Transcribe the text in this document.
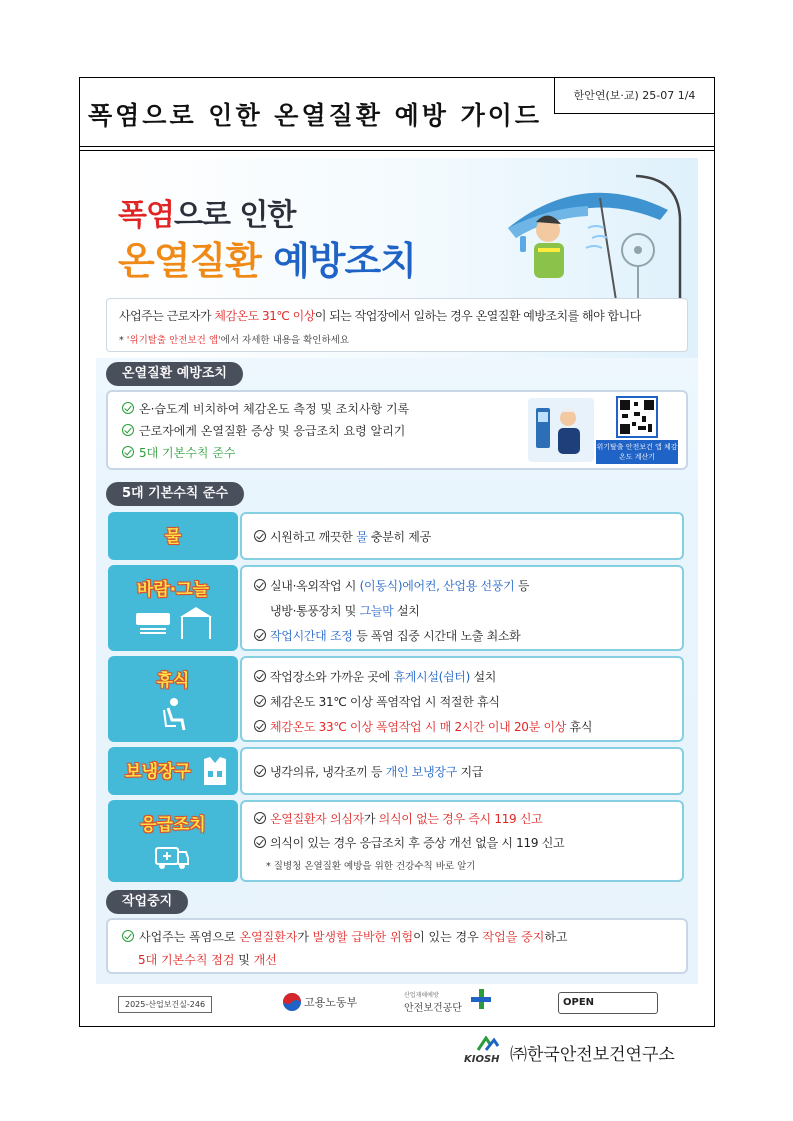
폭염으로 인한 온열질환 예방 가이드
한안연(보·교) 25-07 1/4
폭염으로 인한
온열질환 예방조치
사업주는 근로자가 체감온도 31℃ 이상이 되는 작업장에서 일하는 경우 온열질환 예방조치를 해야 합니다
* '위기탈출 안전보건 앱'에서 자세한 내용을 확인하세요
온열질환 예방조치
온·습도계 비치하여 체감온도 측정 및 조치사항 기록
근로자에게 온열질환 증상 및 응급조치 요령 알리기
5대 기본수칙 준수	위기탈출 안전보건 앱 체감온도 계산기
5대 기본수칙 준수
물	시원하고 깨끗한 물 충분히 제공
바람·그늘	실내·옥외작업 시 (이동식)에어컨, 산업용 선풍기 등
냉방·통풍장치 및 그늘막 설치
작업시간대 조정 등 폭염 집중 시간대 노출 최소화
휴식	작업장소와 가까운 곳에 휴게시설(쉼터) 설치
체감온도 31℃ 이상 폭염작업 시 적절한 휴식
체감온도 33℃ 이상 폭염작업 시 매 2시간 이내 20분 이상 휴식
보냉장구	냉각의류, 냉각조끼 등 개인 보냉장구 지급
응급조치	온열질환자 의심자가 의식이 없는 경우 즉시 119 신고
의식이 있는 경우 응급조치 후 증상 개선 없을 시 119 신고
* 질병청 온열질환 예방을 위한 건강수칙 바로 알기
작업중지
사업주는 폭염으로 온열질환자가 발생할 급박한 위험이 있는 경우 작업을 중지하고
5대 기본수칙 점검 및 개선
2025-산업보건실-246	고용노동부
산업재해예방
안전보건공단
OPEN
KIOSH ㈜한국안전보건연구소
